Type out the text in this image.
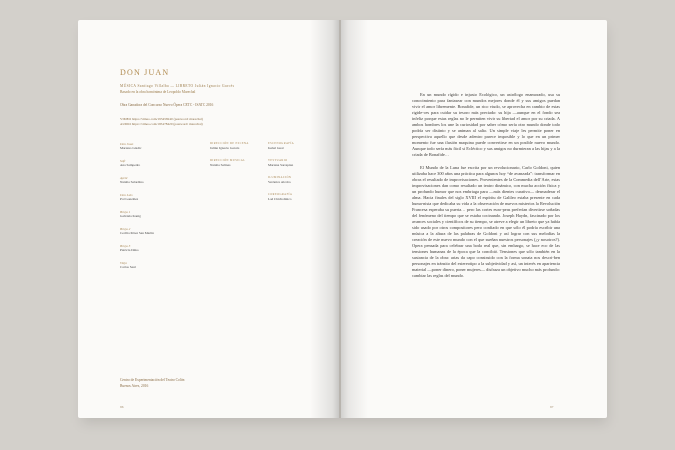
DON JUAN
MÚSICA Santiago Villalba — LIBRETO Julián Ignacio Garcés
Basado en la obra homónima de Leopoldo Marechal
Obra Ganadora del Concurso Nuevo Ópera CETC - ISATC 2016
VIMEO https://vimeo.com/195458240 (password: marechal)
AUDIO https://vimeo.com/195478420 (password: marechal)
Don Juan
Mariano Gladic
Sofi
Ana Sampedro
Ayeté
Natalia Salardino
Don Luis
Pol González
Bruja 1
Gabriela Kanig
Bruja 2
Cecilia Pérez San Martín
Bruja 3
Patricia Dáko
Viejo
Carlos Saul
DIRECCIÓN DE ESCENA
Julián Ignacio Garcés
DIRECCIÓN MUSICAL
Natalia Salinas
ESCENOGRAFÍA
Isabel Gual
VESTUARIO
Mariana Sarrapian
ILUMINACIÓN
Verónica Alcoba
COREOGRAFÍA
Laë Chicholinico
Centro de Experimentación del Teatro Colón
Buenos Aires, 2016
96

En un mundo rígido e injusto Ecológico, un astrólogo enamorado, usa su conocimiento para fantasear con mundos mejores donde él y sus amigos puedan vivir el amor libremente. Bonafide, un rico viudo, se aprovecha en cambio de estas rigide-ces para cuidar su tesoro más preciado: su hija —aunque en el fondo sea infeliz porque estas reglas no le permiten vivir su libertad el amor por su criada. A ambos hombres los une la curiosidad por saber cómo sería otro mundo donde todo podría ser distinto y se animan al salto. Un simple viaje les permite poner en perspectiva aquello que desde adentro parece imposible y lo que en un primer momento fue una ilusión maquina puede convertirse en un posible nuevo mundo. Aunque todo sería más fácil si Ecléctico y sus amigos no durmieran a las hijas y a la criada de Bonafide…

El Mundo de la Luna fue escrita por un revolucionario, Carlo Goldoni, quien utilizaba hace 300 años una práctica para algunos hoy “de avanzada”: transformar en obras el resultado de improvisaciones. Provenientes de la Commedia dell’Arte, estas improvisaciones dan como resultado un teatro dinámico, con mucha acción física y un profundo humor que nos embriaga para —más dientes curativo— desmaderar el alma. Hacia finales del siglo XVIII el espíritu de Galileo estaba presente en cada huma-nista que dedicaba su vida a la observación de nuevos misterios la Revolución Francesa esperaba su puerta… pero las cortes euro-peas preferían divertirse soñadas del fenómeno del tiempo que se estaba cocinando. Joseph Haydn, fascinado por los avances sociales y científicos de su tiempo, se atreve a elegir un libreto que ya había sido usado por otros compositores pero confiado en que sólo él podría escribir una música a la altura de las palabras de Goldoni y así lograr con sus melodías la creación de este nuevo mundo con el que sueñan nuestros personajes (¿y nosotros?). Opera pensada para celebrar una boda real que, sin embargo, se hace eco de las tensiones humanas de la época que la concibió. Tensiones que sólo también en la sustancia de la obra: arias da capo construido con la forma sonata nos descri-ben personajes en tránsito del estereotipo a la subjetividad y así, un interés en apariencia material —poner dinero, poner mujeres— disfraza un objetivo mucho más profundo: cambiar las reglas del mundo.

97
